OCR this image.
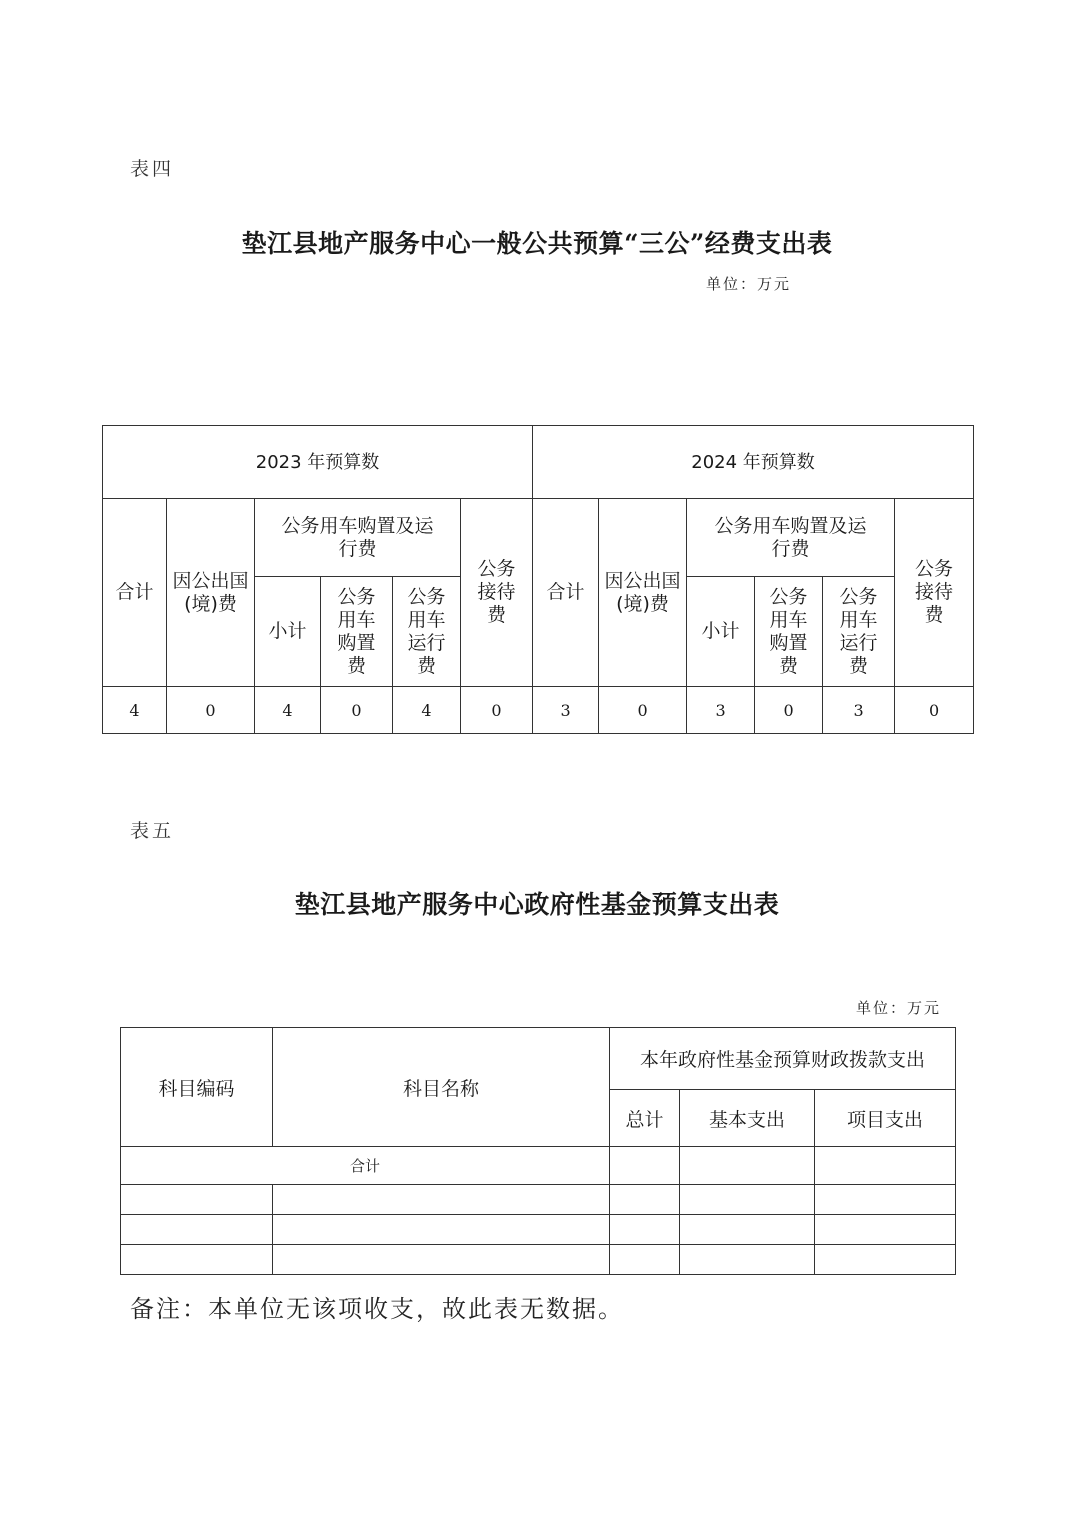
表四
垫江县地产服务中心一般公共预算“三公”经费支出表
单位：万元
2023 年预算数						2024 年预算数					
合计	因公出国(境)费	公务用车购置及运行费			公务接待费	合计	因公出国(境)费	公务用车购置及运行费			公务接待费
		小计	公务用车购置费	公务用车运行费				小计	公务用车购置费	公务用车运行费	
4	0	4	0	4	0	3	0	3	0	3	0
表五
垫江县地产服务中心政府性基金预算支出表
单位：万元
科目编码	科目名称	本年政府性基金预算财政拨款支出		
		总计	基本支出	项目支出
合计				

备注：本单位无该项收支，故此表无数据。
